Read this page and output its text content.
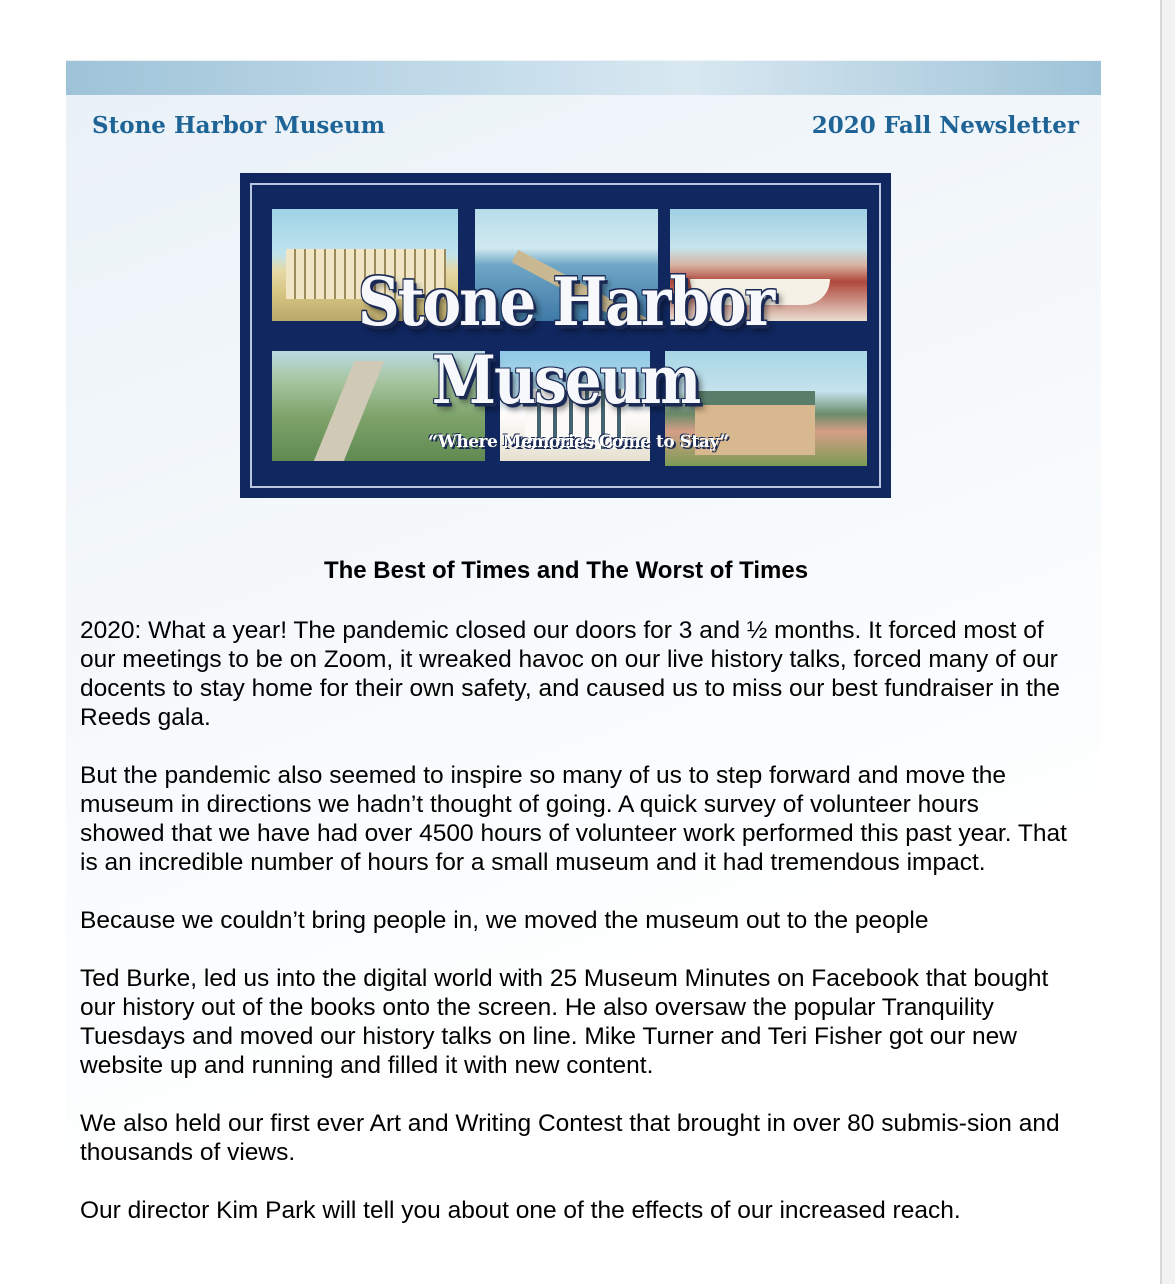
Stone Harbor Museum	2020 Fall Newsletter
Stone Harbor Museum
“Where Memories Come to Stay”
The Best of Times and The Worst of Times

2020: What a year! The pandemic closed our doors for 3 and ½ months. It forced most of our meetings to be on Zoom, it wreaked havoc on our live history talks, forced many of our docents to stay home for their own safety, and caused us to miss our best fundraiser in the Reeds gala.

But the pandemic also seemed to inspire so many of us to step forward and move the museum in directions we hadn’t thought of going. A quick survey of volunteer hours showed that we have had over 4500 hours of volunteer work performed this past year. That is an incredible number of hours for a small museum and it had tremendous impact.

Because we couldn’t bring people in, we moved the museum out to the people

Ted Burke, led us into the digital world with 25 Museum Minutes on Facebook that bought our history out of the books onto the screen. He also oversaw the popular Tranquility Tuesdays and moved our history talks on line. Mike Turner and Teri Fisher got our new website up and running and filled it with new content.

We also held our first ever Art and Writing Contest that brought in over 80 submis-sion and thousands of views.

Our director Kim Park will tell you about one of the effects of our increased reach.
